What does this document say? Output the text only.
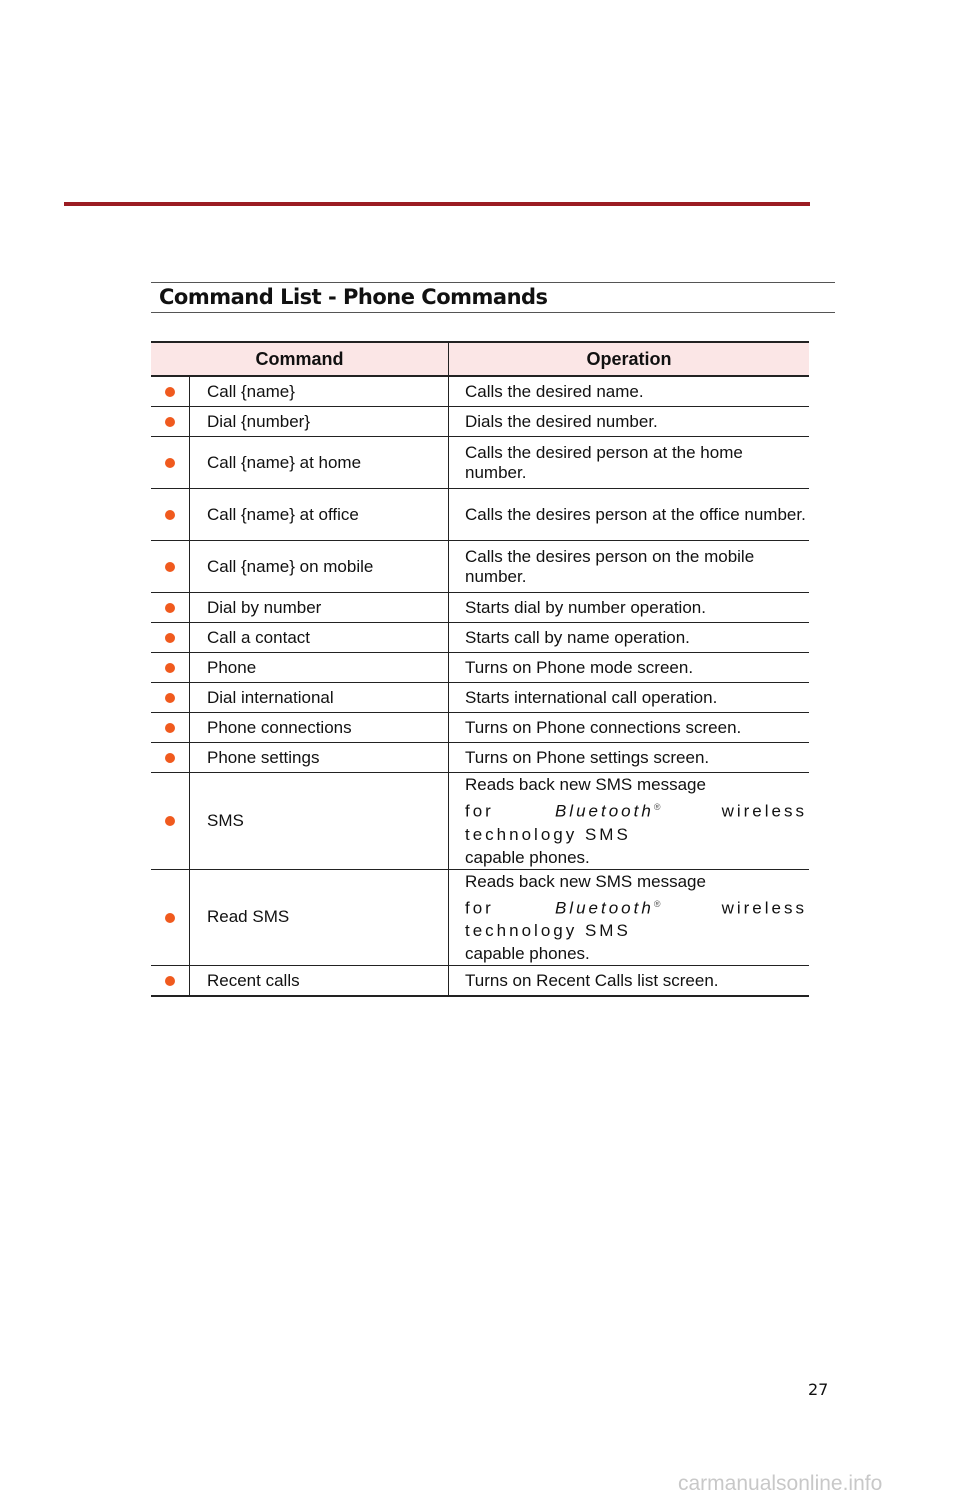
Command List - Phone Commands
Command		Operation
	Call {name}	Calls the desired name.
	Dial {number}	Dials the desired number.
	Call {name} at home	Calls the desired person at the home number.
	Call {name} at office	Calls the desires person at the office number.
	Call {name} on mobile	Calls the desires person on the mobile number.
	Dial by number	Starts dial by number operation.
	Call a contact	Starts call by name operation.
	Phone	Turns on Phone mode screen.
	Dial international	Starts international call operation.
	Phone connections	Turns on Phone connections screen.
	Phone settings	Turns on Phone settings screen.
	SMS	Reads back new SMS message
for Bluetooth® wireless technology SMS
capable phones.

	Read SMS	Reads back new SMS message
for Bluetooth® wireless technology SMS
capable phones.

	Recent calls	Turns on Recent Calls list screen.
27
carmanualsonline.info
